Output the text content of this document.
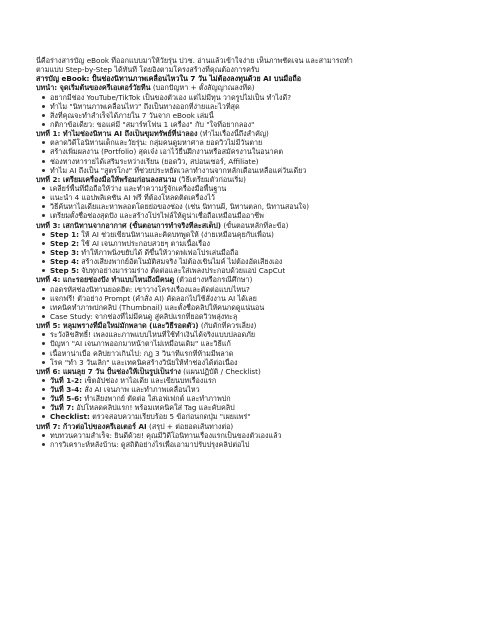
นี่คือร่างสารบัญ eBook ที่ออกแบบมาให้วัยรุ่น ปวช. อ่านแล้วเข้าใจง่าย เห็นภาพชัดเจน และสามารถทำ
ตามแบบ Step-by-Step ได้ทันที โดยอิงตามโครงสร้างที่คุณต้องการครับ
สารบัญ eBook: ปั้นช่องนิทานภาพเคลื่อนไหวใน 7 วัน ไม่ต้องลงทุนด้วย AI บนมือถือ
บทนำ: จุดเริ่มต้นของครีเอเตอร์วัยทีน (บอกปัญหา + ตั้งสัญญาณลงทีด)
อยากมีช่อง YouTube/TikTok เป็นของตัวเอง แต่ไม่มีทุน วาดรูปไม่เป็น ทำไงดี?
ทำไม "นิทานภาพเคลื่อนไหว" ถึงเป็นทางออกที่ง่ายและไวที่สุด
สิ่งที่คุณจะทำสำเร็จได้ภายใน 7 วันจาก eBook เล่มนี้
กติกาข้อเดียว: ขอแค่มี "สมาร์ทโฟน 1 เครื่อง" กับ "ใจที่อยากลอง"
บทที่ 1: ทำไมช่องนิทาน AI ถึงเป็นขุมทรัพย์ที่น่าลอง (ทำไมเรื่องนี้ถึงสำคัญ)
ตลาดวิดีโอนิทานเด็กและวัยรุ่น: กลุ่มคนดูมหาศาล ยอดวิวไม่มีวันตาย
สร้างเพิ่มผลงาน (Portfolio) สุดเจ๋ง เอาไว้ยื่นฝึกงานหรือสมัครงานในอนาคต
ช่องทางหารายได้เสริมระหว่างเรียน (ยอดวิว, สปอนเซอร์, Affiliate)
ทำไม AI ถึงเป็น "สูตรโกง" ที่ช่วยประหยัดเวลาทำงานจากหลักเดือนเหลือแค่วันเดียว
บทที่ 2: เตรียมเครื่องมือให้พร้อมก่อนลงสนาม (วิธีเตรียมตัวก่อนเริ่ม)
เคลียร์พื้นที่มือถือให้ว่าง และทำความรู้จักเครื่องมือพื้นฐาน
แนะนำ 4 แอปพลิเคชัน AI ฟรี ที่ต้องโหลดติดเครื่องไว้
วิธีค้นหาไอเดียและหาพลอตโดยย่อของช่อง (เช่น นิทานผี, นิทานตลก, นิทานสอนใจ)
เตรียมตั้งชื่อช่องสุดปัง และสร้างโปรไฟล์ให้ดูน่าเชื่อถือเหมือนมืออาชีพ
บทที่ 3: เสกนิทานจากอากาศ (ขั้นตอนการทำจริงทีละสเต็ป) (ขั้นตอนหลักที่ละข้อ)
Step 1: ให้ AI ช่วยเขียนนิทานและคิดบทพูดให้ (ง่ายเหมือนคุยกับเพื่อน)
Step 2: ใช้ AI เจนภาพประกอบสวยๆ ตามเนื้อเรื่อง
Step 3: ทำให้ภาพนิ่งขยับได้ ดีขึ้นให้วาดฟเฟอโปรเล่นมือถือ
Step 4: สร้างเสียงพากย์อัตโนมัติสมจริง ไม่ต้องเขินไมค์ ไม่ต้องอัดเสียงเอง
Step 5: จับทุกอย่างมารวมร่าง ตัดต่อและใส่เพลงประกอบด้วยแอป CapCut
บทที่ 4: แกะรอยช่องปัง ทำแบบไหนถึงมีคนดู (ตัวอย่างหรือกรณีศึกษา)
ถอดรหัสช่องนิทานยอดฮิต: เขาวางโครงเรื่องและตัดต่อแบบไหน?
แจกฟรี! ตัวอย่าง Prompt (คำสั่ง AI) คัดลอกไปใช้สั่งงาน AI ได้เลย
เทคนิคทำภาพปกคลิป (Thumbnail) และตั้งชื่อคลิปให้คนกดดูแน่นอน
Case Study: จากช่องที่ไม่มีคนดู สู่คลิปแรกที่ยอดวิวพลุ่งทะลุ
บทที่ 5: หลุมพรางที่มือใหม่มักพลาด (และวิธีรอดตัว) (กับดักที่ควรเลี่ยง)
ระวังลิขสิทธิ์! เพลงและภาพแบบไหนที่ใช้ทำเงินได้จริงแบบปลอดภัย
ปัญหา "AI เจนภาพออกมาหน้าตาไม่เหมือนเดิม" และวิธีแก้
เนื้อหาน่าเบื่อ คลิปยาวเกินไป: กฎ 3 วินาทีแรกที่ห้ามมีพลาด
โรค "ทำ 3 วันเลิก" และเทคนิคสร้างวินัยให้ทำช่องได้ต่อเนื่อง
บทที่ 6: แผนลุย 7 วัน ปั้นช่องให้เป็นรูปเป็นร่าง (แผนปฏิบัติ / Checklist)
วันที่ 1-2: เซ็ตอัปช่อง หาไอเดีย และเขียนบทเรื่องแรก
วันที่ 3-4: สั่ง AI เจนภาพ และทำภาพเคลื่อนไหว
วันที่ 5-6: ทำเสียงพากย์ ตัดต่อ ใส่เอฟเฟกต์ และทำภาพปก
วันที่ 7: อัปโหลดคลิปแรก! พร้อมเทคนิคใส่ Tag และคับคลิป
Checklist: ตรวจสอบความเรียบร้อย 5 ข้อก่อนกดปุ่ม "เผยแพร่"
บทที่ 7: ก้าวต่อไปของครีเอเตอร์ AI (สรุป + ต่อยอดเส้นทางต่อ)
ทบทวนความสำเร็จ: ยินดีด้วย! คุณมีวิดีโอนิทานเรื่องแรกเป็นของตัวเองแล้ว
การวิเคราะห์หลังบ้าน: ดูสถิติอย่างไรเพื่อเอามาปรับปรุงคลิปต่อไป
